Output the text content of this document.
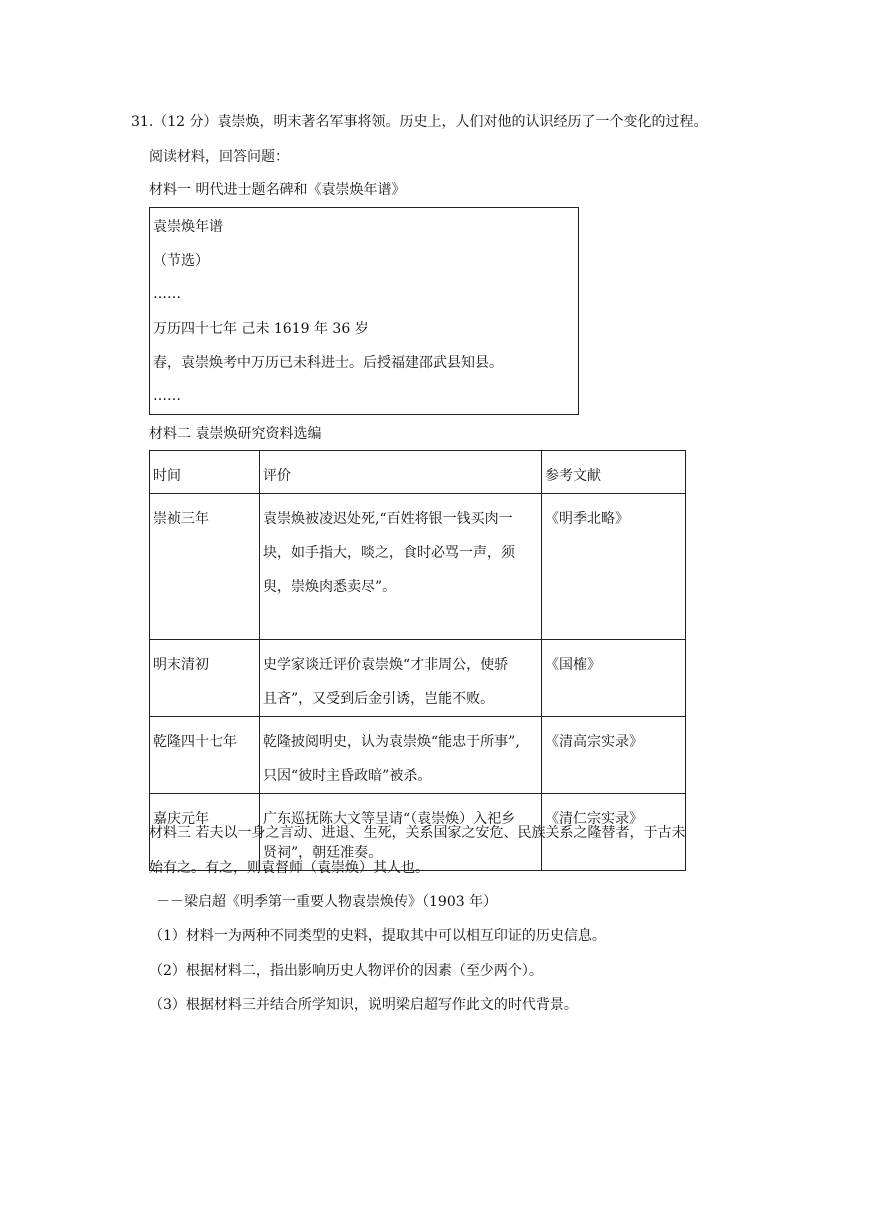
31.（12 分）袁崇焕，明末著名军事将领。历史上，人们对他的认识经历了一个变化的过程。
阅读材料，回答问题：
材料一 明代进士题名碑和《袁崇焕年谱》
袁崇焕年谱
（节选）
……
万历四十七年 己未 1619 年 36 岁
春，袁崇焕考中万历已未科进士。后授福建邵武县知县。
……
材料二 袁崇焕研究资料选编
时间	评价	参考文献

崇祯三年	袁崇焕被凌迟处死,“百姓将银一钱买肉一
块，如手指大，啖之，食时必骂一声，须
臾，崇焕肉悉卖尽”。	《明季北略》

明末清初	史学家谈迁评价袁崇焕“才非周公，使骄
且吝”，又受到后金引诱，岂能不败。	《国榷》

乾隆四十七年	乾隆披阅明史，认为袁崇焕“能忠于所事”,
只因“彼时主昏政暗”被杀。	《清高宗实录》

嘉庆元年	广东巡抚陈大文等呈请“（袁崇焕）入祀乡
贤祠”，朝廷准奏。	《清仁宗实录》
材料三 若夫以一身之言动、进退、生死，关系国家之安危、民族关系之隆替者，于古未
始有之。有之，则袁督师（袁崇焕）其人也。
－－梁启超《明季第一重要人物袁崇焕传》（1903 年）
（1）材料一为两种不同类型的史料，提取其中可以相互印证的历史信息。
（2）根据材料二，指出影响历史人物评价的因素（至少两个）。
（3）根据材料三并结合所学知识，说明梁启超写作此文的时代背景。
